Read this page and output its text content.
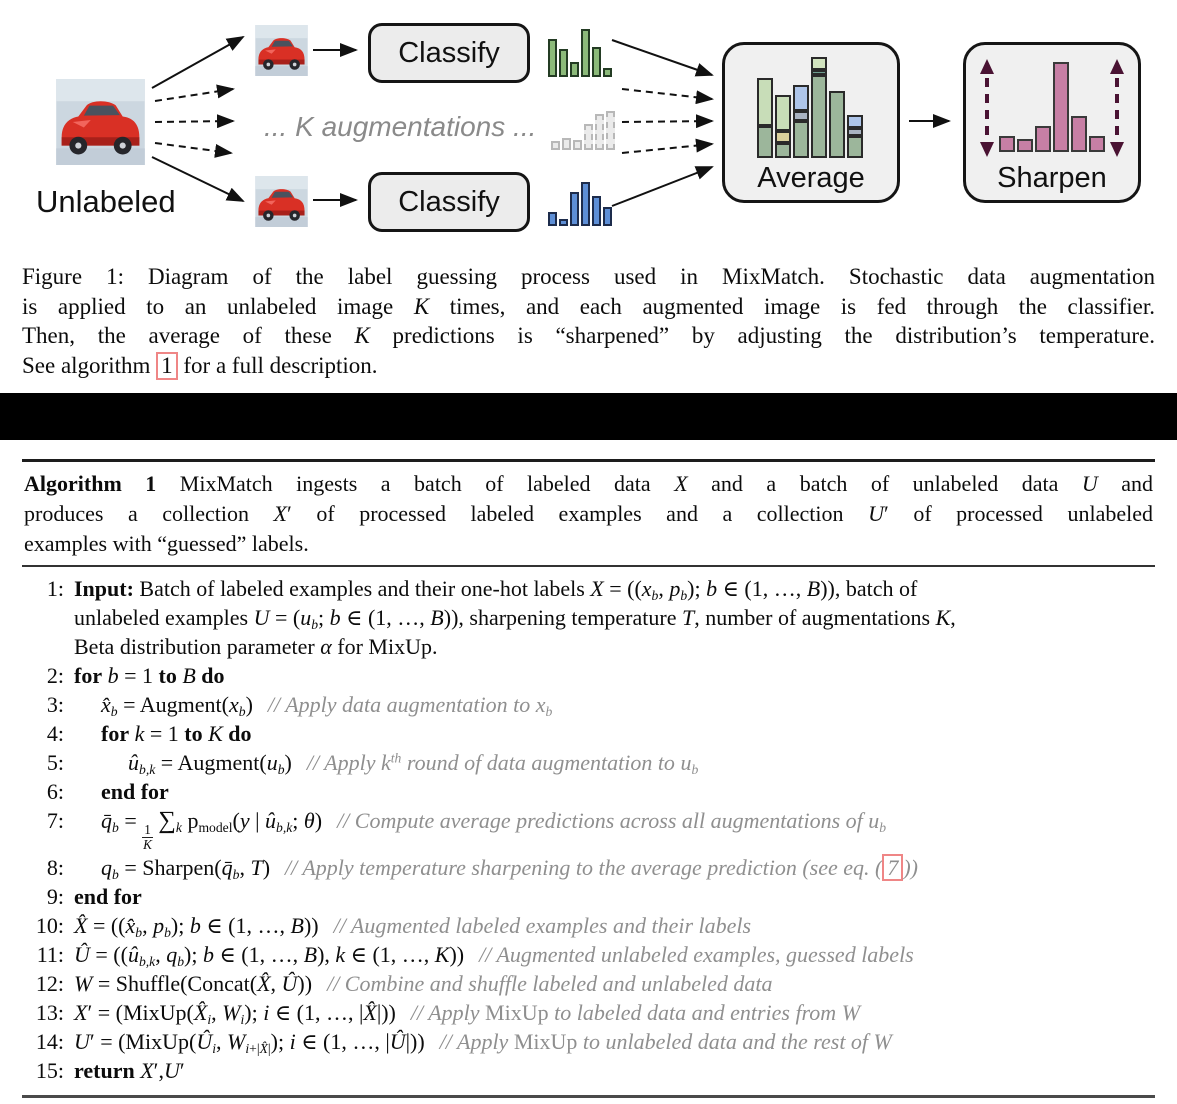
Unlabeled
... K augmentations ...
Classify
Classify
Average	Sharpen
Figure 1: Diagram of the label guessing process used in MixMatch. Stochastic data augmentation
is applied to an unlabeled image K times, and each augmented image is fed through the classifier.
Then, the average of these K predictions is “sharpened” by adjusting the distribution’s temperature.
See algorithm 1 for a full description.
Algorithm 1 MixMatch ingests a batch of labeled data X and a batch of unlabeled data U and
produces a collection X′ of processed labeled examples and a collection U′ of processed unlabeled
examples with “guessed” labels.
1: Input: Batch of labeled examples and their one-hot labels $X = ((x_b$, $p_b$); b ∈ (1, …, B)), batch of
unlabeled examples $U = (u_b$; b ∈ (1, …, B)), sharpening temperature T, number of augmentations K,
Beta distribution parameter α for MixUp.
2: for b = 1 to B do
3:	$x̂_b$ = $Augment(x_b)$ // Apply data augmentation to $x_b$
4:	for k = 1 to K do
5:	$û_{b,k}$ = $Augment(u_b)$ // Apply $k^{th}$ round of data augmentation to $u_b$
6:	end for
7:	$q̄_b$ =
$\frac{1}{K}$
$\sum_k$ $p_{model}(y$ | $û_{b,k}$; θ) // Compute average predictions across all augmentations of $u_b$
8:	$q_b$ = $Sharpen(q̄_b$, T) // Apply temperature sharpening to the average prediction (see eq. ( 7 ))
9: end for
10: X̂ = (($x̂_b$, $p_b$); b ∈ (1, …, B)) // Augmented labeled examples and their labels
11: Û = (($û_{b,k}$, $q_b$); b ∈ (1, …, B), k ∈ (1, …, K)) // Augmented unlabeled examples, guessed labels
12: W = Shuffle(Concat(X̂, Û)) // Combine and shuffle labeled and unlabeled data
13: $X' = (MixUp(X̂_i$, $W_i$); i ∈ (1, …, |X̂|)) // Apply MixUp to labeled data and entries from W
14: $U' = (MixUp(Û_i$, $W_{i+|X̂|}$); i ∈ (1, …, |Û|)) // Apply MixUp to unlabeled data and the rest of W
15: return X′,U′
